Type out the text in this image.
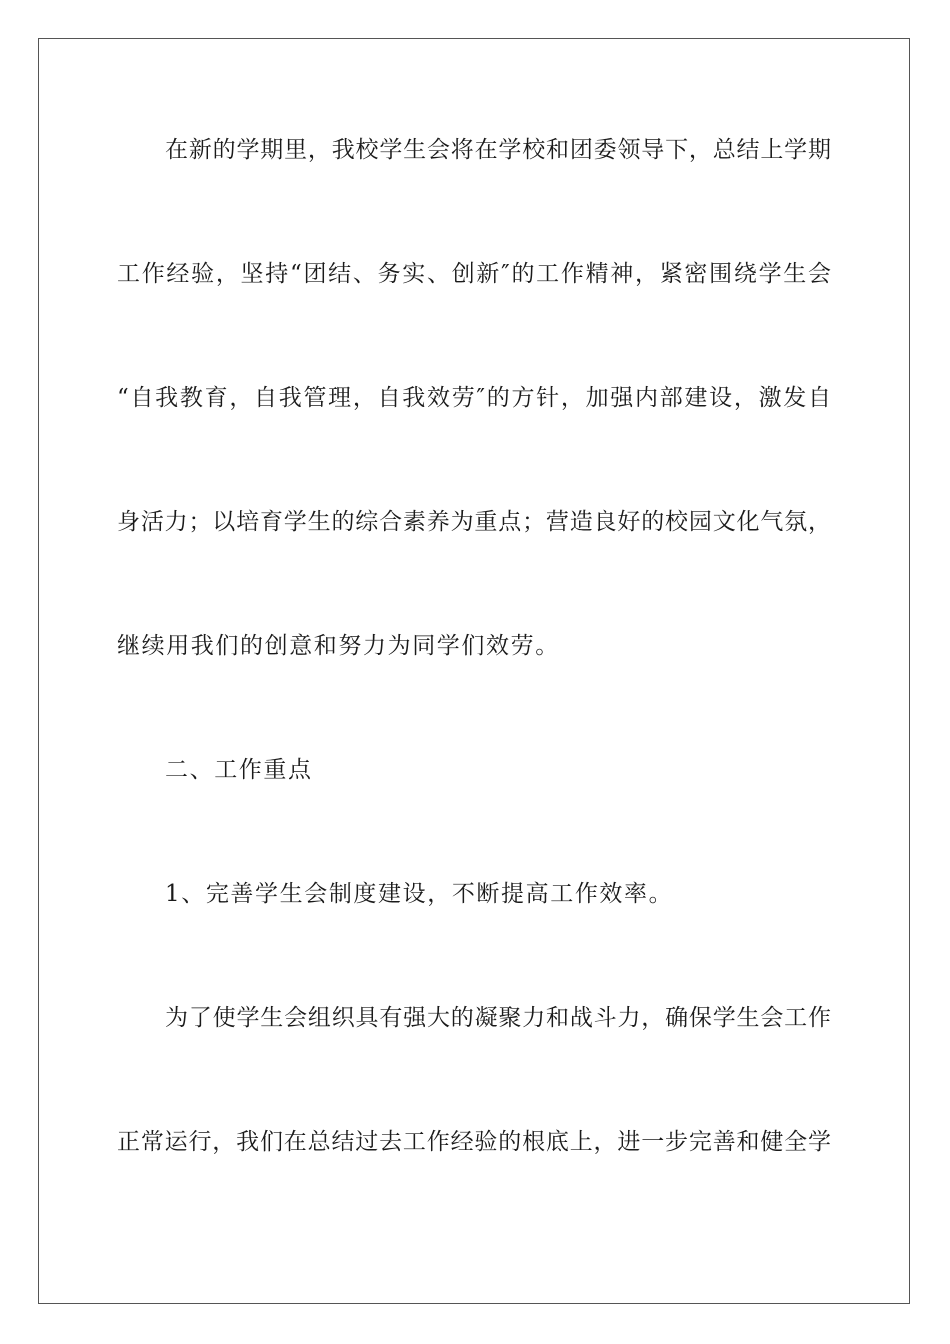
在新的学期里，我校学生会将在学校和团委领导下，总结上学期
工作经验，坚持“团结、务实、创新″的工作精神，紧密围绕学生会
“自我教育，自我管理，自我效劳″的方针，加强内部建设，激发自
身活力；以培育学生的综合素养为重点；营造良好的校园文化气氛，
继续用我们的创意和努力为同学们效劳。
二、工作重点
1、完善学生会制度建设，不断提高工作效率。
为了使学生会组织具有强大的凝聚力和战斗力，确保学生会工作
正常运行，我们在总结过去工作经验的根底上，进一步完善和健全学
